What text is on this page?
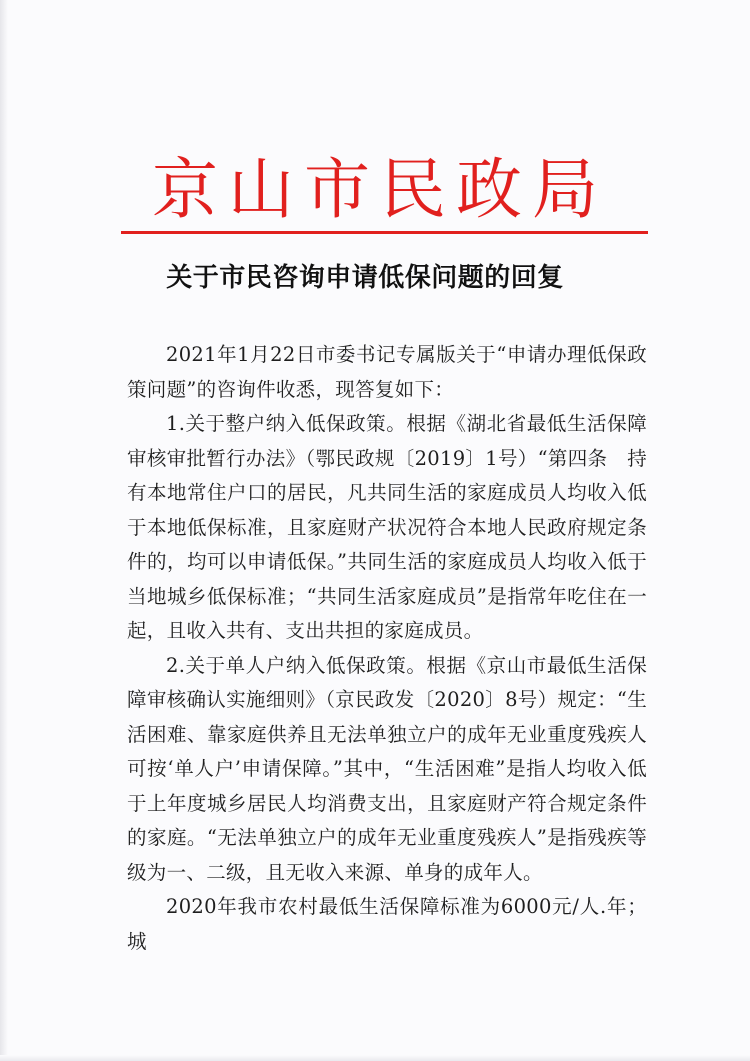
京山市民政局
关于市民咨询申请低保问题的回复

2021年1月22日市委书记专属版关于“申请办理低保政策问题”的咨询件收悉，现答复如下：

1.关于整户纳入低保政策。根据《湖北省最低生活保障审核审批暂行办法》（鄂民政规〔2019〕1号）“第四条　持有本地常住户口的居民，凡共同生活的家庭成员人均收入低于本地低保标准，且家庭财产状况符合本地人民政府规定条件的，均可以申请低保。”共同生活的家庭成员人均收入低于当地城乡低保标准；“共同生活家庭成员”是指常年吃住在一起，且收入共有、支出共担的家庭成员。

2.关于单人户纳入低保政策。根据《京山市最低生活保障审核确认实施细则》（京民政发〔2020〕8号）规定：“生活困难、靠家庭供养且无法单独立户的成年无业重度残疾人可按‘单人户’申请保障。”其中，“生活困难”是指人均收入低于上年度城乡居民人均消费支出，且家庭财产符合规定条件的家庭。“无法单独立户的成年无业重度残疾人”是指残疾等级为一、二级，且无收入来源、单身的成年人。

2020年我市农村最低生活保障标准为6000元/人.年；城
